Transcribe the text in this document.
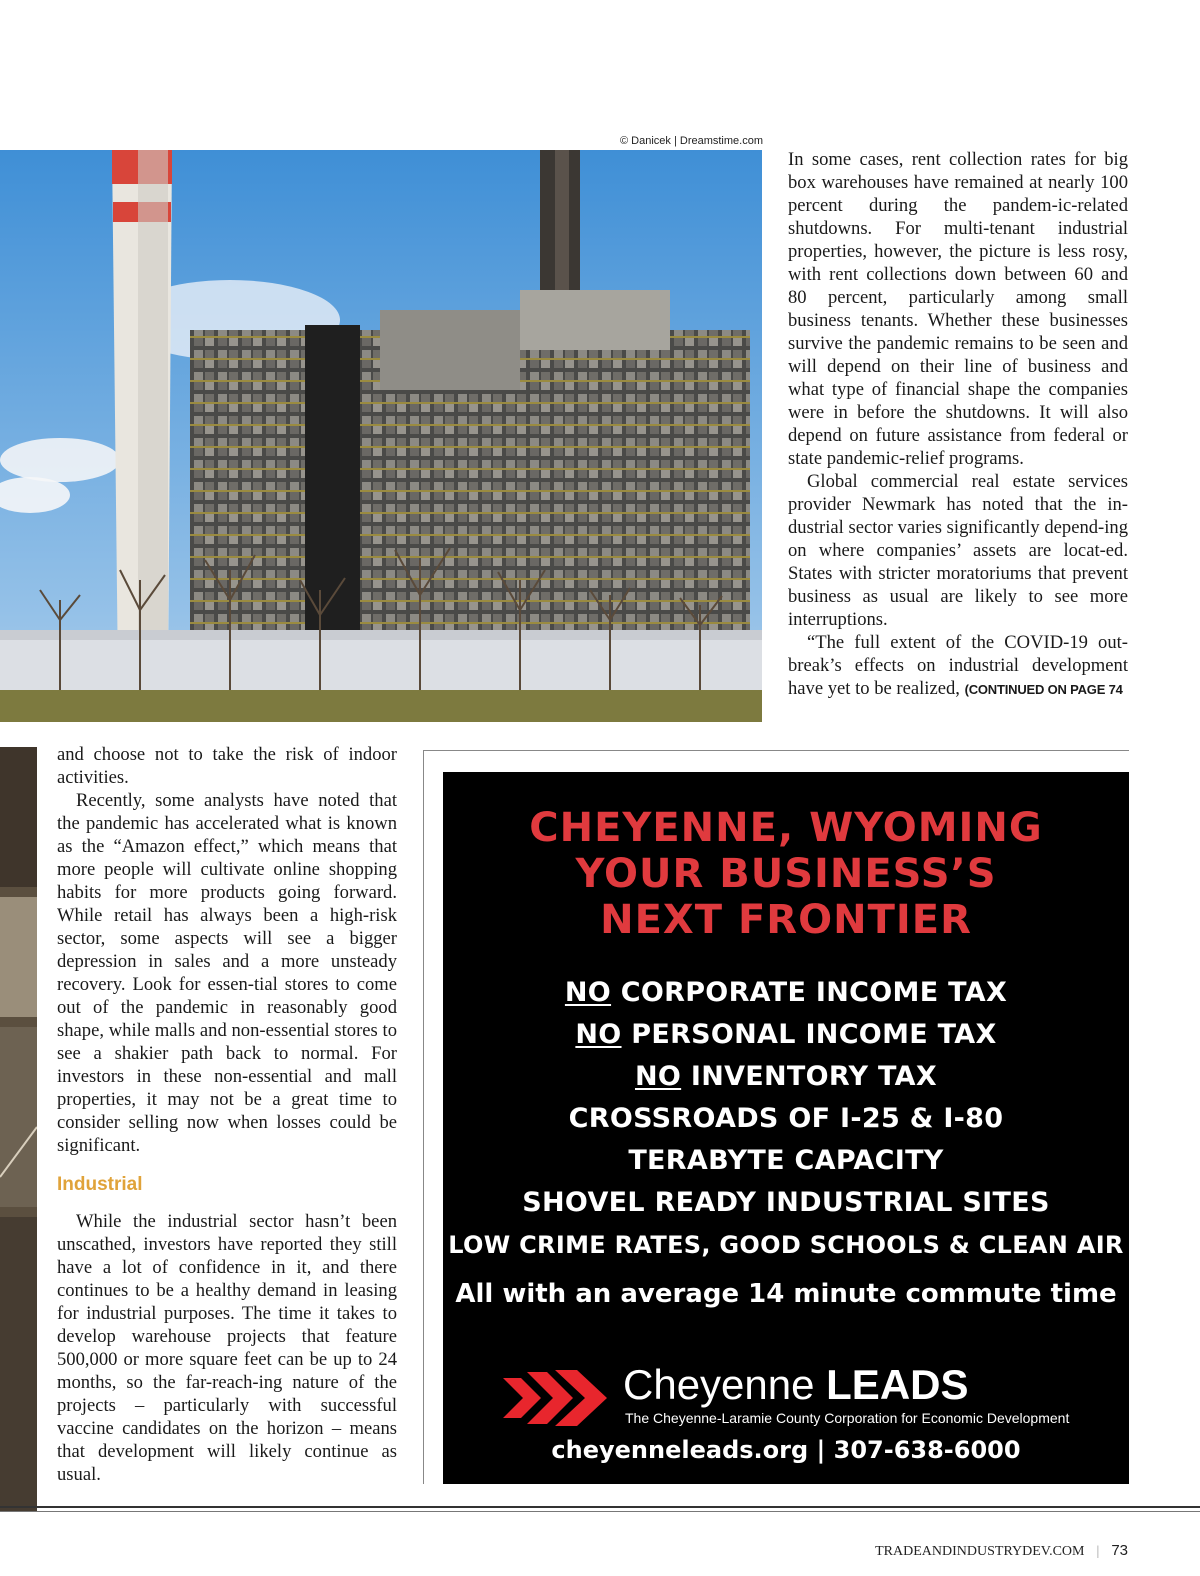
© Danicek | Dreamstime.com

In some cases, rent collection rates for big box warehouses have remained at nearly 100 percent during the pandem-ic-related shutdowns. For multi-tenant industrial properties, however, the picture is less rosy, with rent collections down between 60 and 80 percent, particularly among small business tenants. Whether these businesses survive the pandemic remains to be seen and will depend on their line of business and what type of financial shape the companies were in before the shutdowns. It will also depend on future assistance from federal or state pandemic-relief programs.

Global commercial real estate services provider Newmark has noted that the in-dustrial sector varies significantly depend-ing on where companies’ assets are locat-ed. States with stricter moratoriums that prevent business as usual are likely to see more interruptions.

“The full extent of the COVID-19 out-break’s effects on industrial development have yet to be realized, (CONTINUED ON PAGE 74

and choose not to take the risk of indoor activities.

Recently, some analysts have noted that the pandemic has accelerated what is known as the “Amazon effect,” which means that more people will cultivate online shopping habits for more products going forward. While retail has always been a high-risk sector, some aspects will see a bigger depression in sales and a more unsteady recovery. Look for essen-tial stores to come out of the pandemic in reasonably good shape, while malls and non-essential stores to see a shakier path back to normal. For investors in these non-essential and mall properties, it may not be a great time to consider selling now when losses could be significant.

Industrial

While the industrial sector hasn’t been unscathed, investors have reported they still have a lot of confidence in it, and there continues to be a healthy demand in leasing for industrial purposes. The time it takes to develop warehouse projects that feature 500,000 or more square feet can be up to 24 months, so the far-reach-ing nature of the projects – particularly with successful vaccine candidates on the horizon – means that development will likely continue as usual.

CHEYENNE, WYOMING
YOUR BUSINESS’S
NEXT FRONTIER
NO CORPORATE INCOME TAX
NO PERSONAL INCOME TAX
NO INVENTORY TAX
CROSSROADS OF I-25 & I-80
TERABYTE CAPACITY
SHOVEL READY INDUSTRIAL SITES
LOW CRIME RATES, GOOD SCHOOLS & CLEAN AIR
All with an average 14 minute commute time
Cheyenne LEADS
The Cheyenne-Laramie County Corporation for Economic Development
cheyenneleads.org | 307-638-6000
TRADEANDINDUSTRYDEV.COM | 73
